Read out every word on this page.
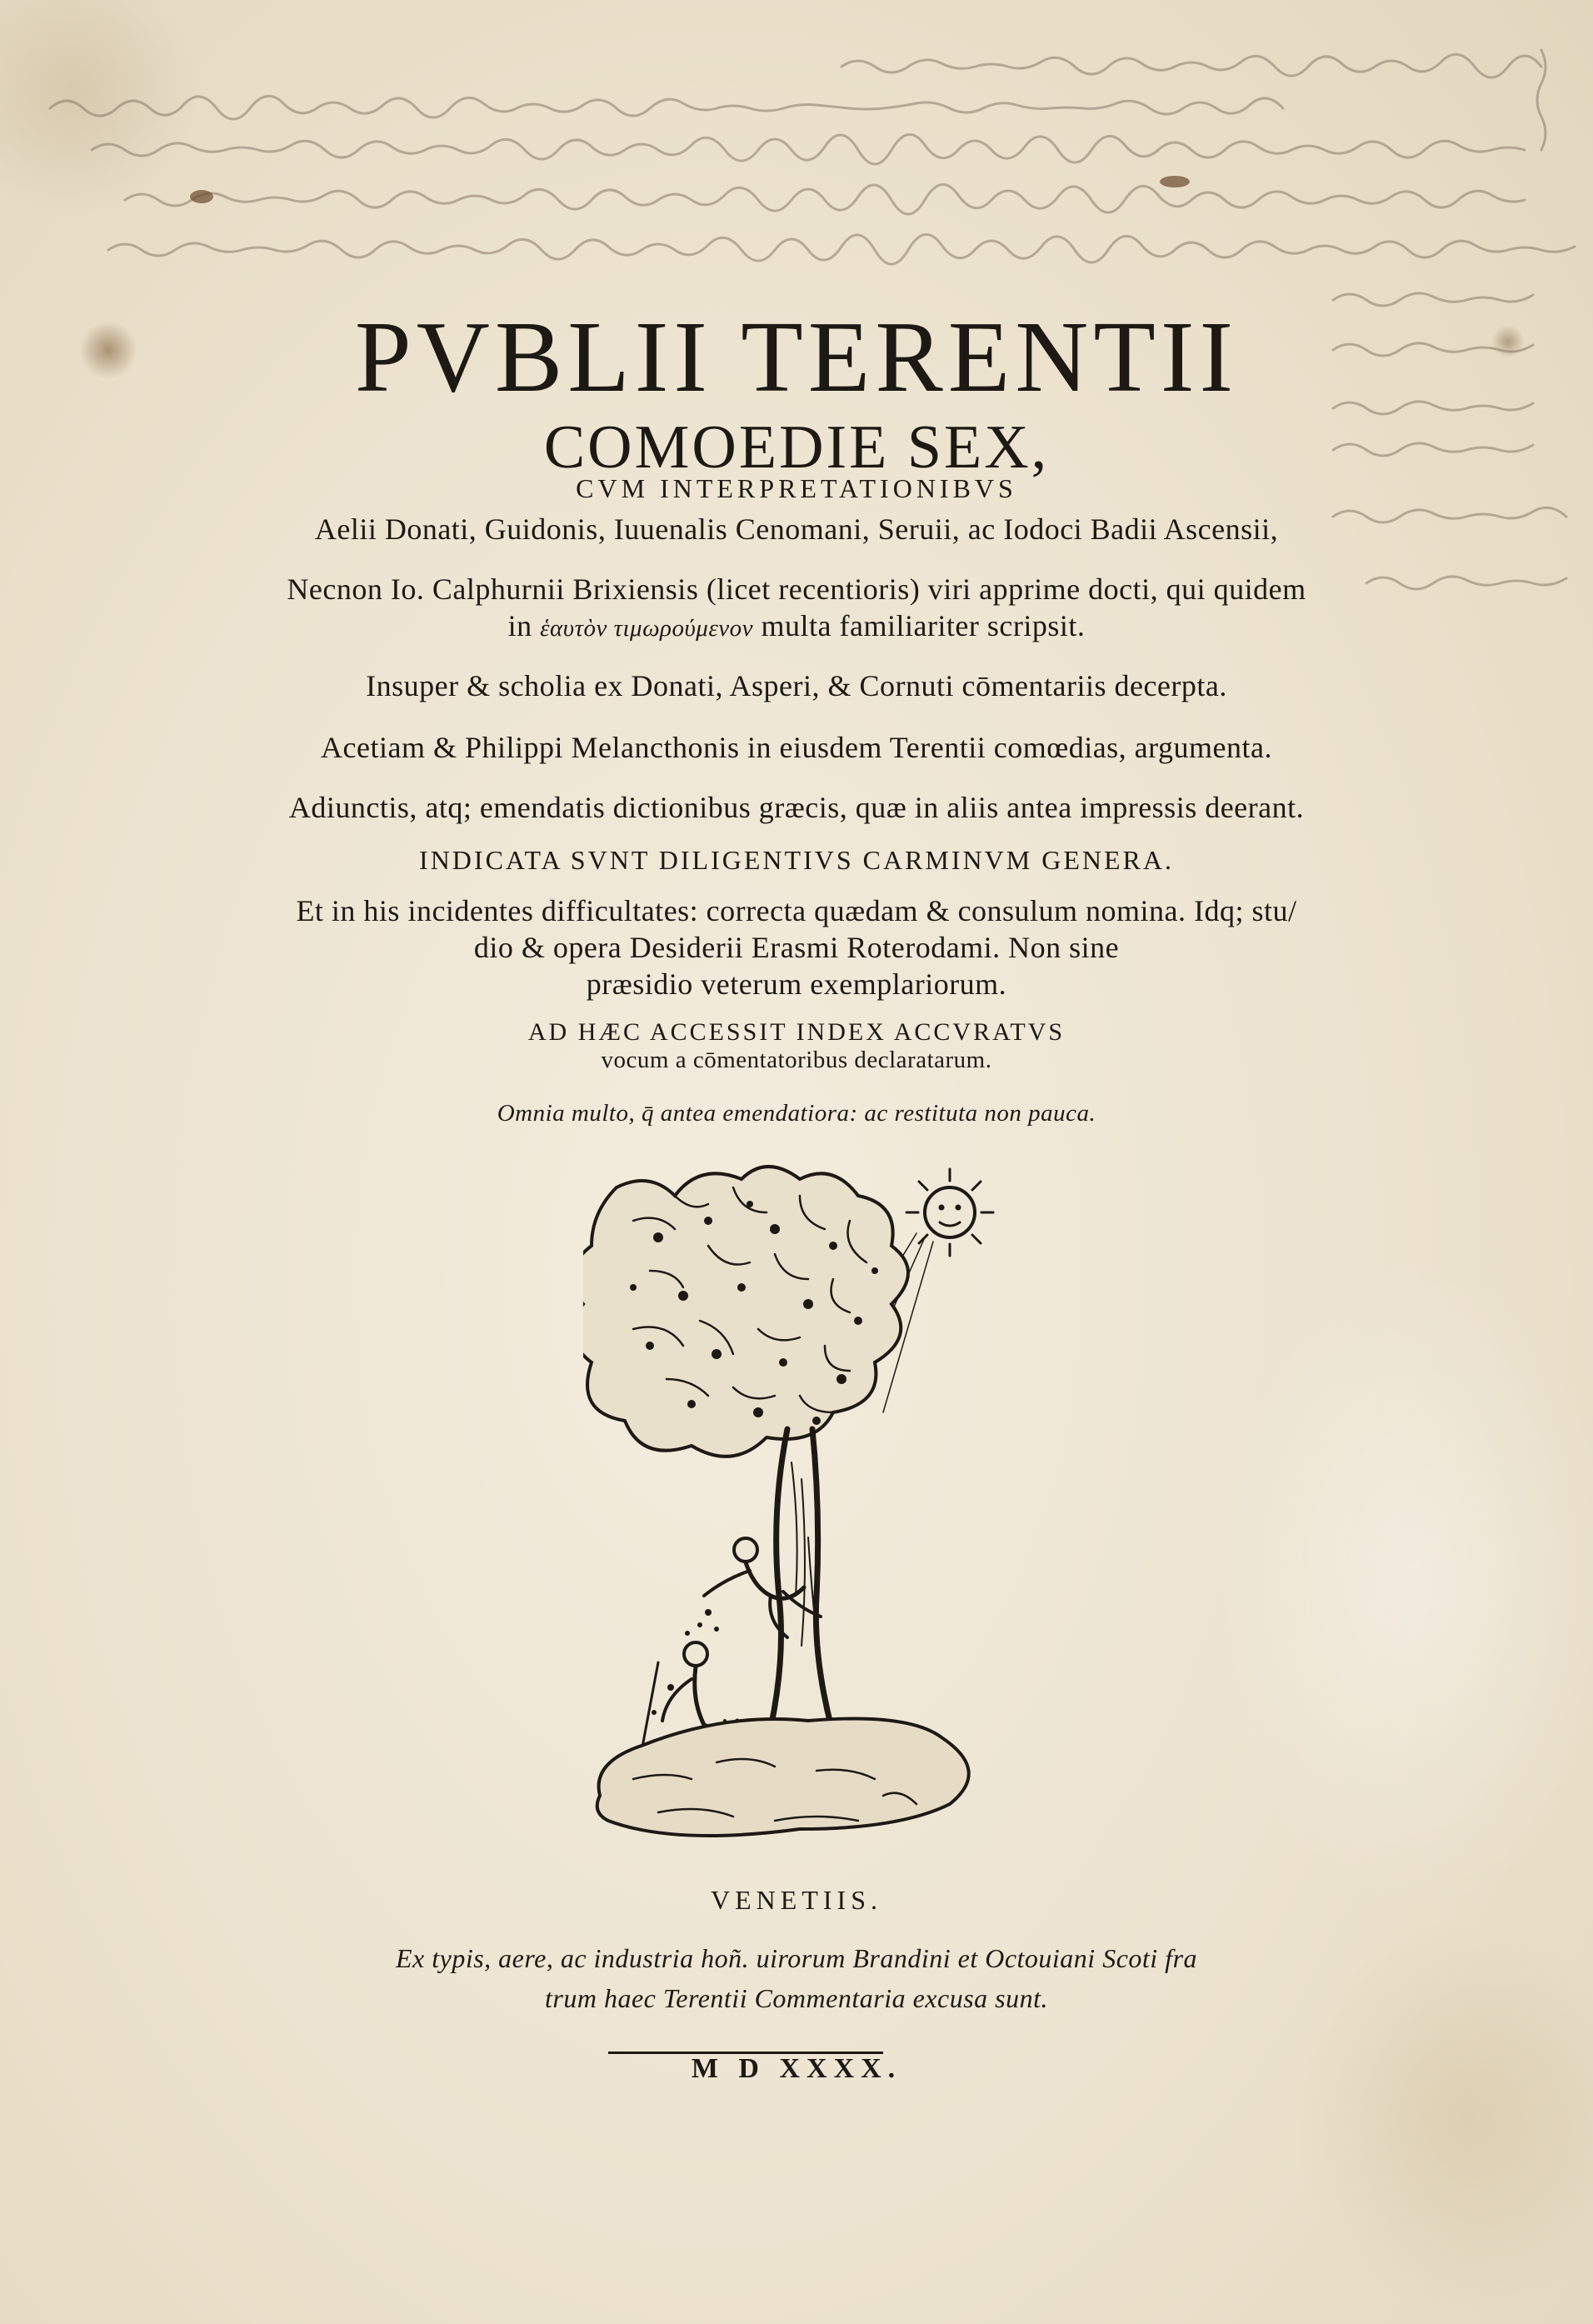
PVBLII TERENTII
COMOEDIE SEX,
CVM INTERPRETATIONIBVS
Aelii Donati, Guidonis, Iuuenalis Cenomani, Seruii, ac Iodoci Badii Ascensii,
Necnon Io. Calphurnii Brixiensis (licet recentioris) viri apprime docti, qui quidem
in ἑαυτὸν τιμωρούμενον multa familiariter scripsit.
Insuper & scholia ex Donati, Asperi, & Cornuti cōmentariis decerpta.
Acetiam & Philippi Melancthonis in eiusdem Terentii comœdias, argumenta.
Adiunctis, atq; emendatis dictionibus græcis, quæ in aliis antea impressis deerant.
INDICATA SVNT DILIGENTIVS CARMINVM GENERA.
Et in his incidentes difficultates: correcta quædam & consulum nomina. Idq; stu/
dio & opera Desiderii Erasmi Roterodami. Non sine
præsidio veterum exemplariorum.
AD HÆC ACCESSIT INDEX ACCVRATVS
vocum a cōmentatoribus declaratarum.
Omnia multo, q̄ antea emendatiora: ac restituta non pauca.
VENETIIS.
Ex typis, aere, ac industria hoñ. uirorum Brandini et Octouiani Scoti fra
trum haec Terentii Commentaria excusa sunt.
M D XXXX.
